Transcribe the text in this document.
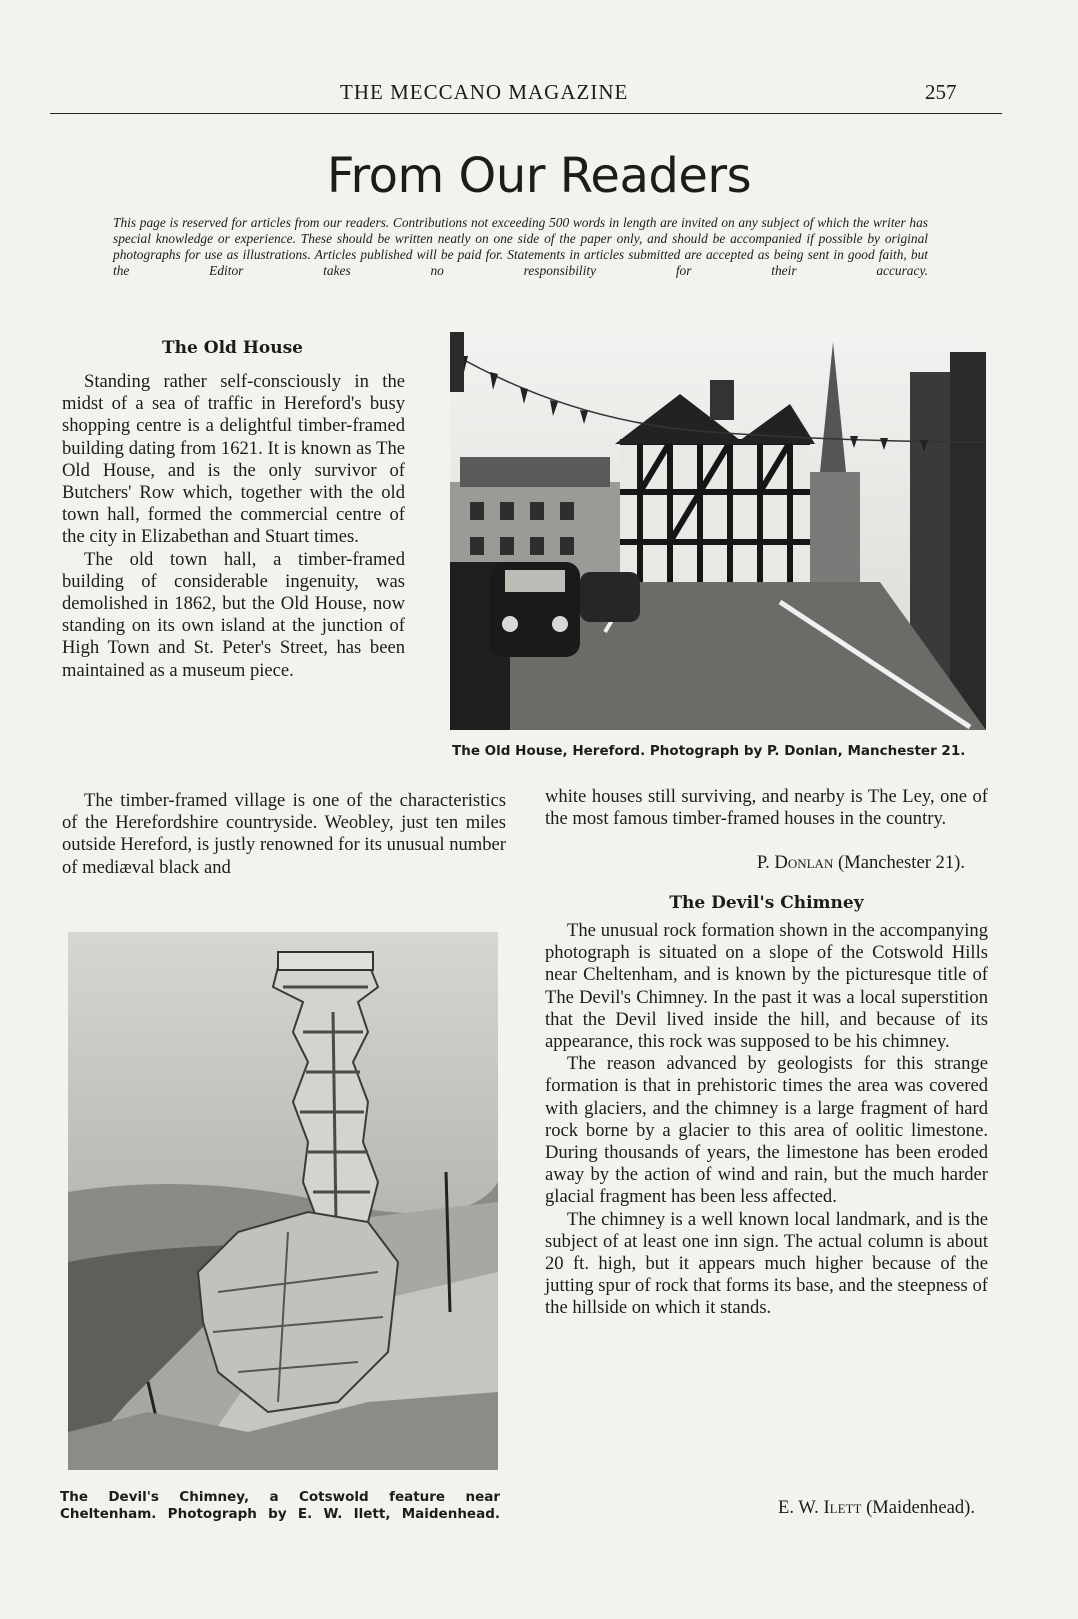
THE MECCANO MAGAZINE	257
From Our Readers
This page is reserved for articles from our readers. Contributions not exceeding 500 words in length are invited on any subject of which the writer has special knowledge or experience. These should be written neatly on one side of the paper only, and should be accompanied if possible by original photographs for use as illustrations. Articles published will be paid for. Statements in articles submitted are accepted as being sent in good faith, but the Editor takes no responsibility for their accuracy.
The Old House, Hereford. Photograph by P. Donlan, Manchester 21.
The Old House

Standing rather self-consciously in the midst of a sea of traffic in Hereford's busy shopping centre is a delightful timber-framed building dating from 1621. It is known as The Old House, and is the only survivor of Butchers' Row which, together with the old town hall, formed the commercial centre of the city in Elizabethan and Stuart times.

The old town hall, a timber-framed building of considerable ingenuity, was demolished in 1862, but the Old House, now standing on its own island at the junction of High Town and St. Peter's Street, has been maintained as a museum piece.

The timber-framed village is one of the characteristics of the Herefordshire countryside. Weobley, just ten miles outside Hereford, is justly renowned for its unusual number of mediæval black and

white houses still surviving, and nearby is The Ley, one of the most famous timber-framed houses in the country.

P. Donlan (Manchester 21).
The Devil's Chimney

The unusual rock formation shown in the accompanying photograph is situated on a slope of the Cotswold Hills near Cheltenham, and is known by the picturesque title of The Devil's Chimney. In the past it was a local superstition that the Devil lived inside the hill, and because of its appearance, this rock was supposed to be his chimney.

The reason advanced by geologists for this strange formation is that in prehistoric times the area was covered with glaciers, and the chimney is a large fragment of hard rock borne by a glacier to this area of oolitic limestone. During thousands of years, the limestone has been eroded away by the action of wind and rain, but the much harder glacial fragment has been less affected.

The chimney is a well known local landmark, and is the subject of at least one inn sign. The actual column is about 20 ft. high, but it appears much higher because of the jutting spur of rock that forms its base, and the steepness of the hillside on which it stands.

E. W. Ilett (Maidenhead).
The Devil's Chimney, a Cotswold feature near Cheltenham. Photograph by E. W. Ilett, Maidenhead.
